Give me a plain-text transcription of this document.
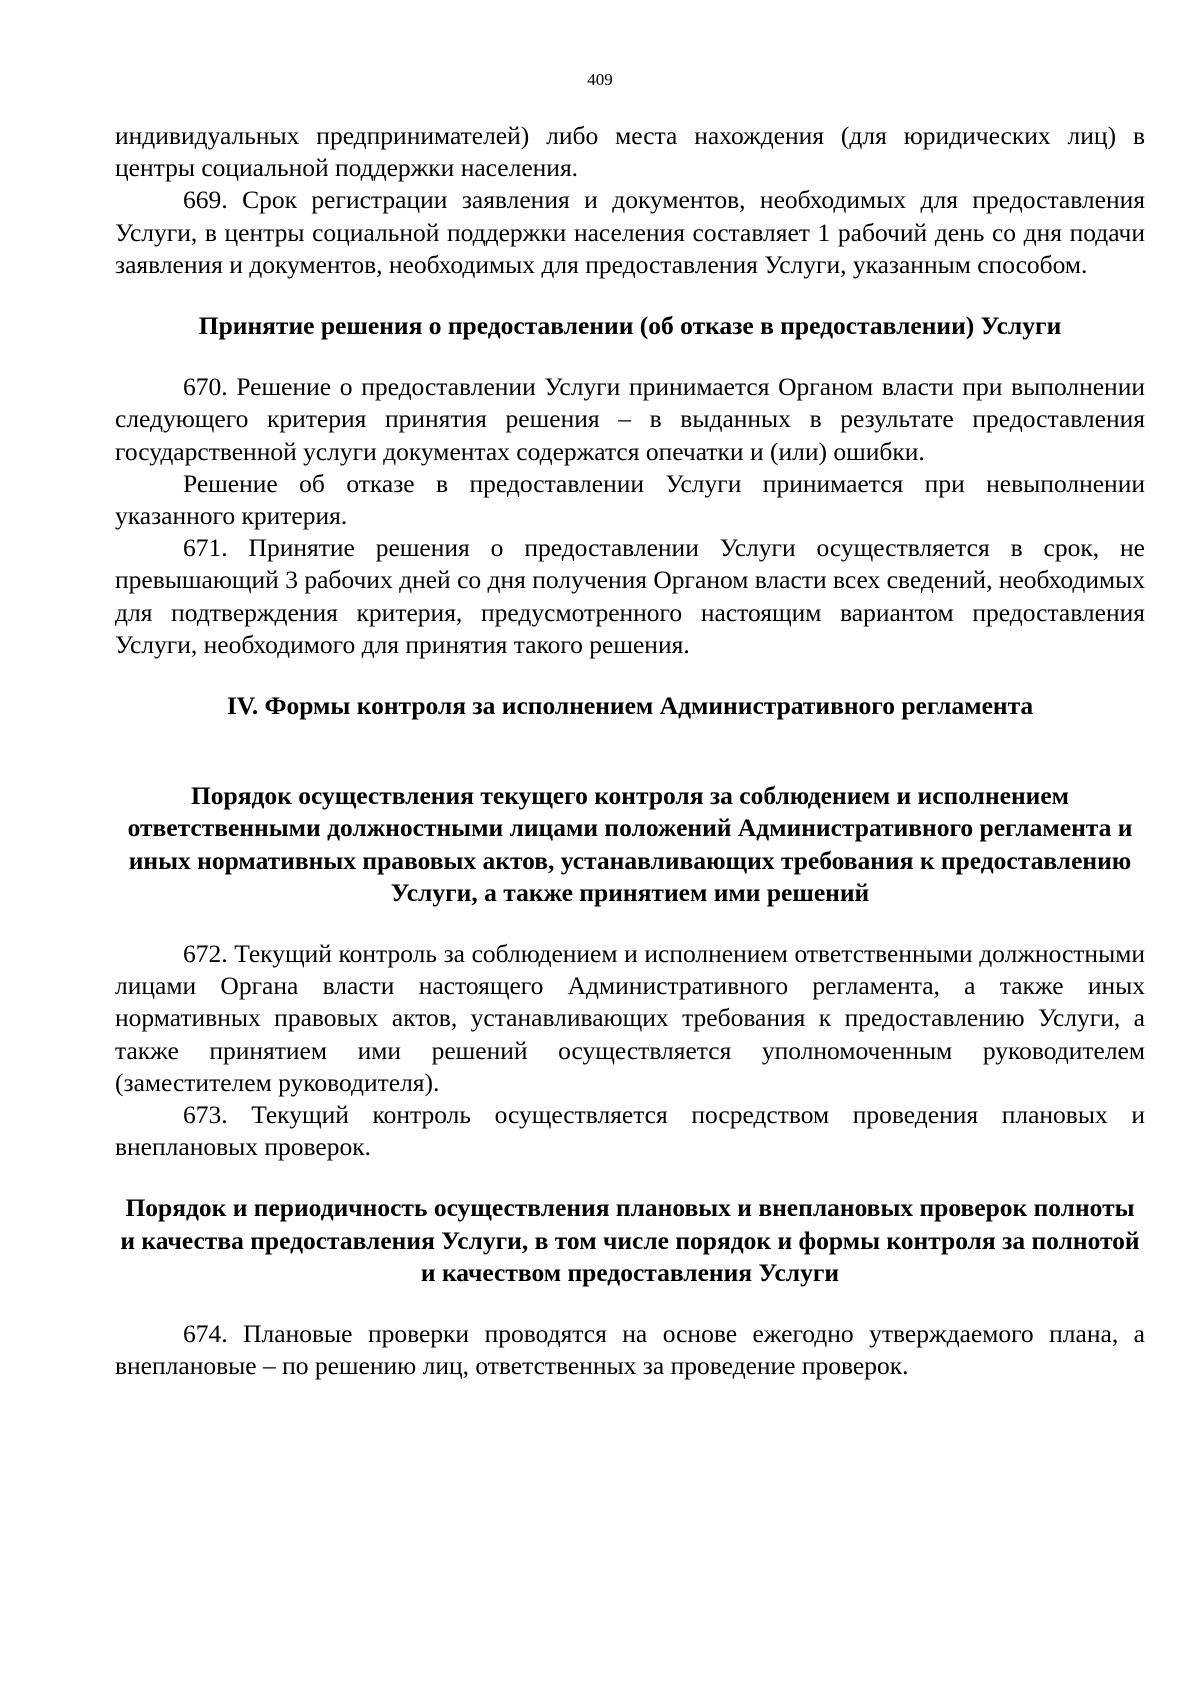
409

индивидуальных предпринимателей) либо места нахождения (для юридических лиц) в центры социальной поддержки населения.

669. Срок регистрации заявления и документов, необходимых для предоставления Услуги, в центры социальной поддержки населения составляет 1 рабочий день со дня подачи заявления и документов, необходимых для предоставления Услуги, указанным способом.

Принятие решения о предоставлении (об отказе в предоставлении) Услуги

670. Решение о предоставлении Услуги принимается Органом власти при выполнении следующего критерия принятия решения – в выданных в результате предоставления государственной услуги документах содержатся опечатки и (или) ошибки.

Решение об отказе в предоставлении Услуги принимается при невыполнении указанного критерия.

671. Принятие решения о предоставлении Услуги осуществляется в срок, не превышающий 3 рабочих дней со дня получения Органом власти всех сведений, необходимых для подтверждения критерия, предусмотренного настоящим вариантом предоставления Услуги, необходимого для принятия такого решения.

IV. Формы контроля за исполнением Административного регламента

Порядок осуществления текущего контроля за соблюдением и исполнением ответственными должностными лицами положений Административного регламента и иных нормативных правовых актов, устанавливающих требования к предоставлению Услуги, а также принятием ими решений

672. Текущий контроль за соблюдением и исполнением ответственными должностными лицами Органа власти настоящего Административного регламента, а также иных нормативных правовых актов, устанавливающих требования к предоставлению Услуги, а также принятием ими решений осуществляется уполномоченным руководителем (заместителем руководителя).

673. Текущий контроль осуществляется посредством проведения плановых и внеплановых проверок.

Порядок и периодичность осуществления плановых и внеплановых проверок полноты и качества предоставления Услуги, в том числе порядок и формы контроля за полнотой и качеством предоставления Услуги

674. Плановые проверки проводятся на основе ежегодно утверждаемого плана, а внеплановые – по решению лиц, ответственных за проведение проверок.
